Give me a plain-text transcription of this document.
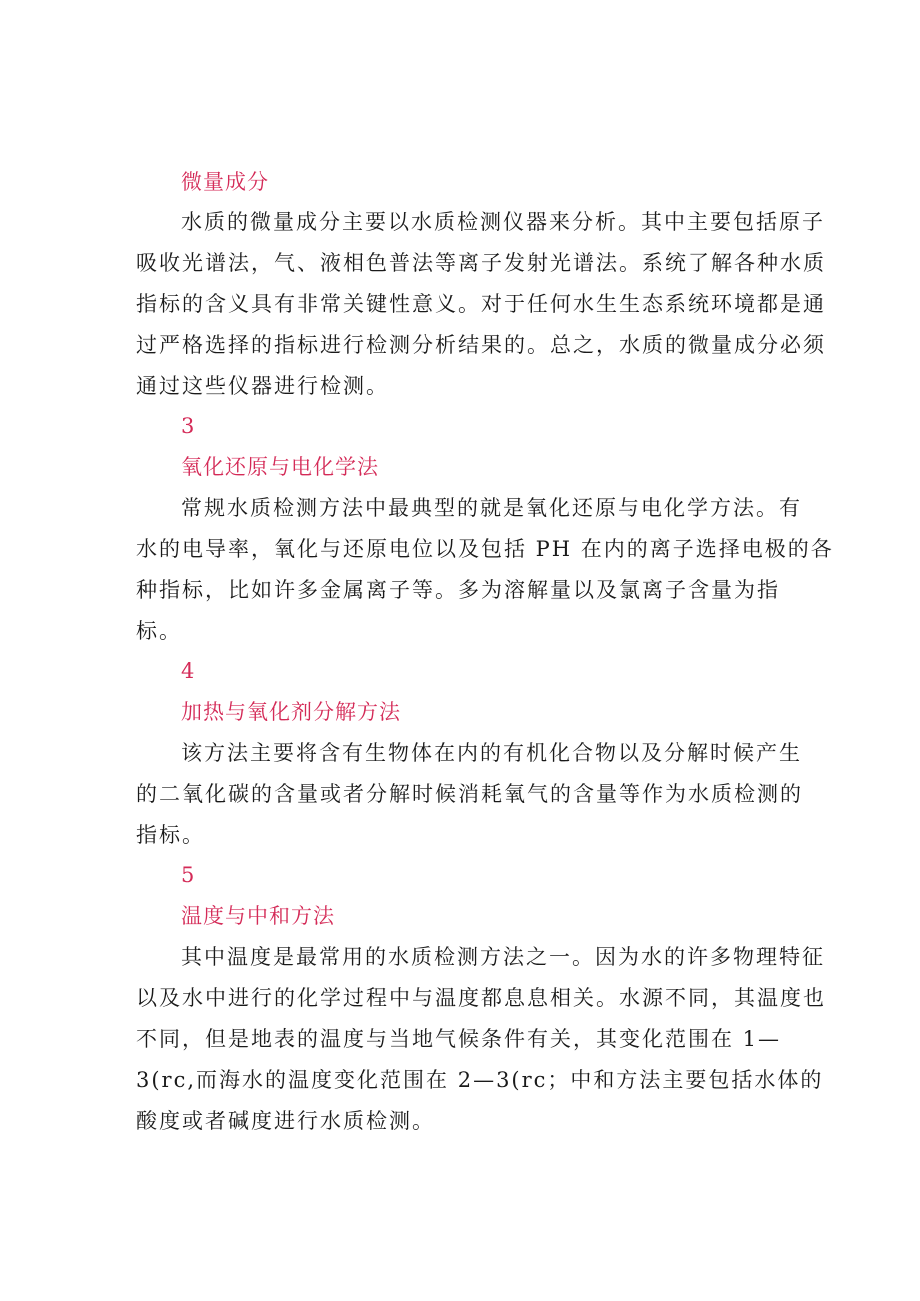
微量成分

水质的微量成分主要以水质检测仪器来分析。其中主要包括原子

吸收光谱法，气、液相色普法等离子发射光谱法。系统了解各种水质

指标的含义具有非常关键性意义。对于任何水生生态系统环境都是通

过严格选择的指标进行检测分析结果的。总之，水质的微量成分必须

通过这些仪器进行检测。

3

氧化还原与电化学法

常规水质检测方法中最典型的就是氧化还原与电化学方法。有

水的电导率，氧化与还原电位以及包括 PH 在内的离子选择电极的各

种指标，比如许多金属离子等。多为溶解量以及氯离子含量为指

标。

4

加热与氧化剂分解方法

该方法主要将含有生物体在内的有机化合物以及分解时候产生

的二氧化碳的含量或者分解时候消耗氧气的含量等作为水质检测的

指标。

5

温度与中和方法

其中温度是最常用的水质检测方法之一。因为水的许多物理特征

以及水中进行的化学过程中与温度都息息相关。水源不同，其温度也

不同，但是地表的温度与当地气候条件有关，其变化范围在 1—

3(rc,而海水的温度变化范围在 2—3(rc；中和方法主要包括水体的

酸度或者碱度进行水质检测。
